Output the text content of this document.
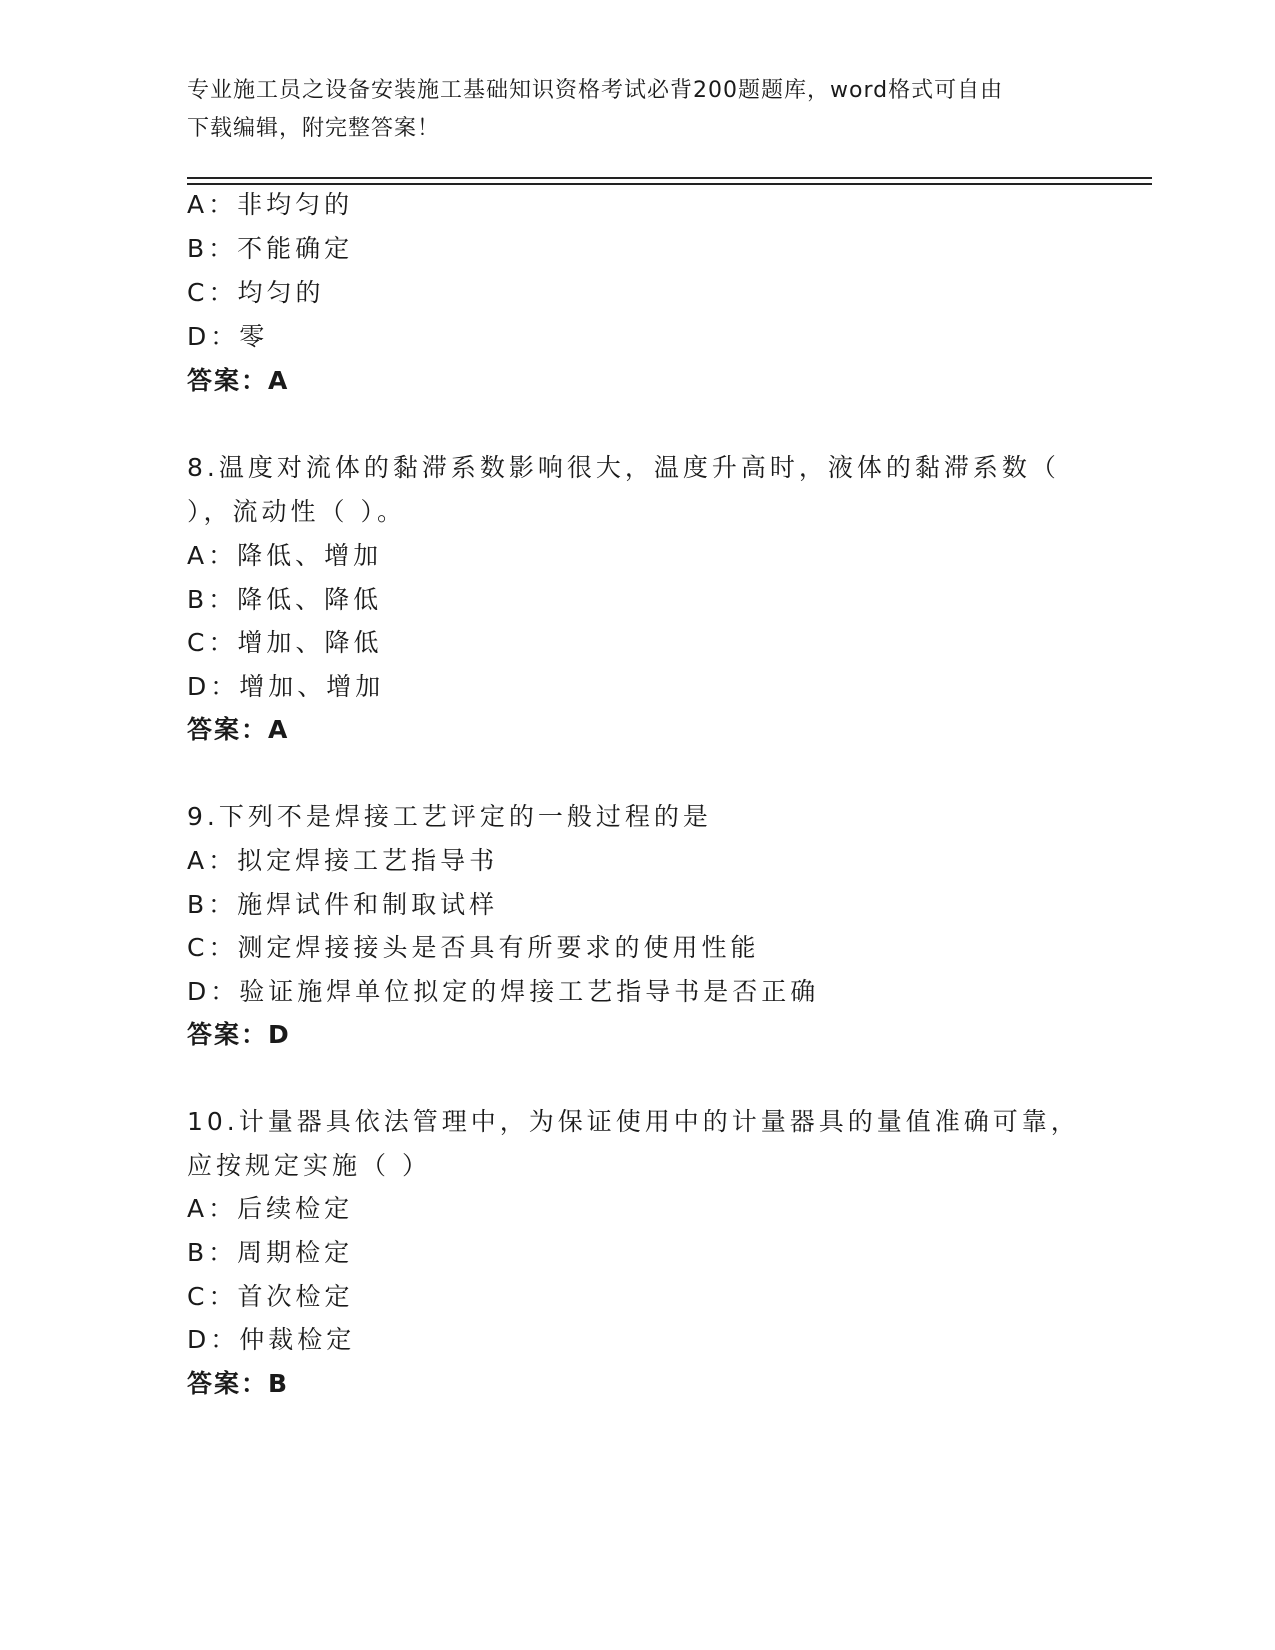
专业施工员之设备安装施工基础知识资格考试必背200题题库，word格式可自由
下载编辑，附完整答案！
A：非均匀的
B：不能确定
C：均匀的
D：零
答案：A
8.温度对流体的黏滞系数影响很大，温度升高时，液体的黏滞系数（
），流动性（ ）。
A：降低、增加
B：降低、降低
C：增加、降低
D：增加、增加
答案：A
9.下列不是焊接工艺评定的一般过程的是
A：拟定焊接工艺指导书
B：施焊试件和制取试样
C：测定焊接接头是否具有所要求的使用性能
D：验证施焊单位拟定的焊接工艺指导书是否正确
答案：D
10.计量器具依法管理中，为保证使用中的计量器具的量值准确可靠，
应按规定实施（ ）
A：后续检定
B：周期检定
C：首次检定
D：仲裁检定
答案：B
